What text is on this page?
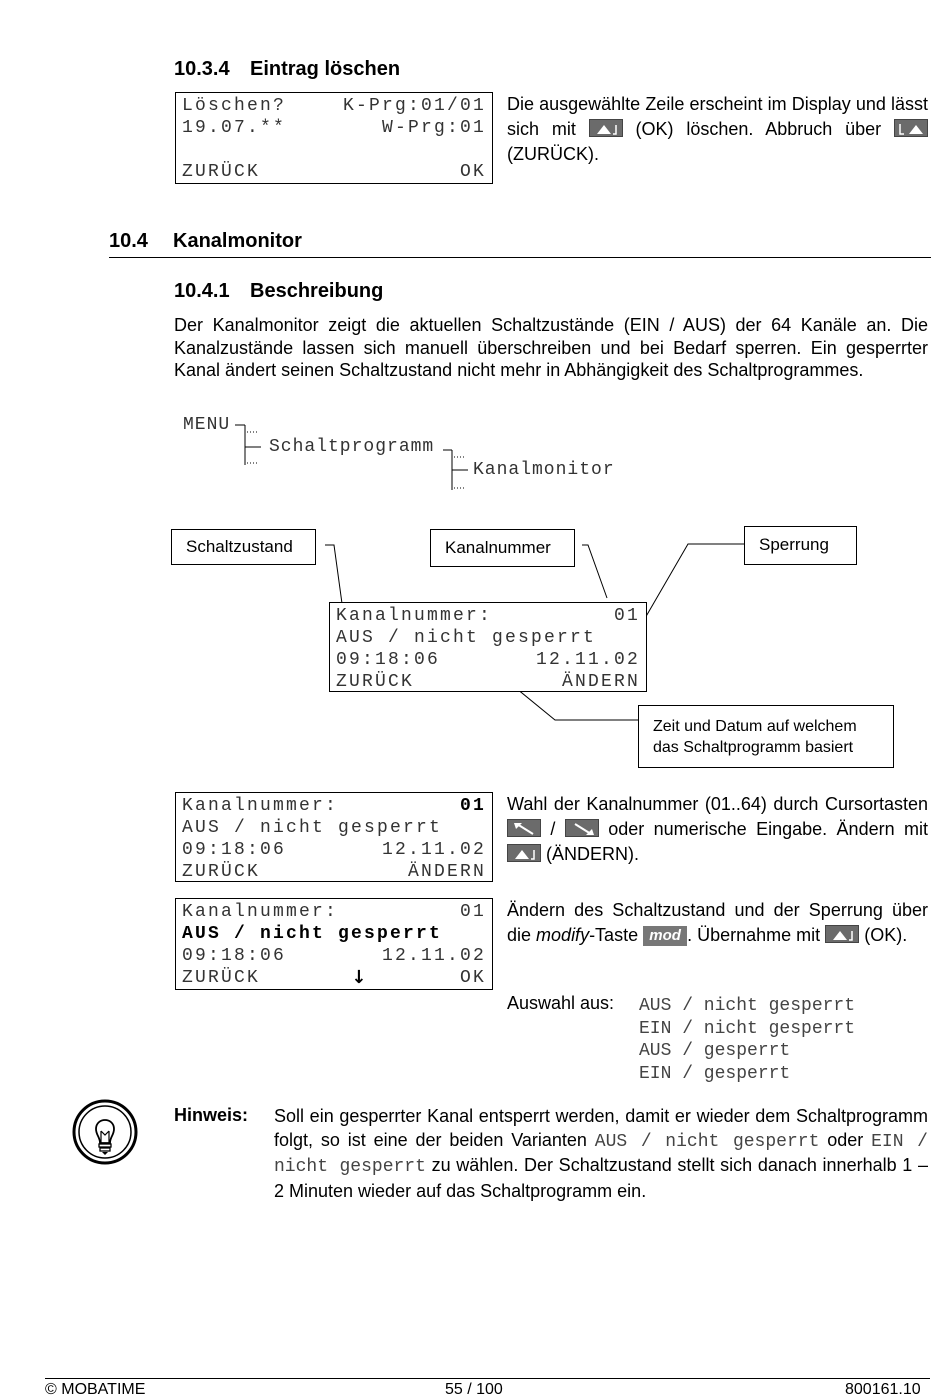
10.3.4 Eintrag löschen
Löschen?	K-Prg:01/01
19.07.**	W-Prg:01
ZURÜCK	OK
Die ausgewählte Zeile erscheint im Display und lässt sich mit	(OK) löschen. Abbruch über
(ZURÜCK).
10.4 Kanalmonitor
10.4.1 Beschreibung
Der Kanalmonitor zeigt die aktuellen Schaltzustände (EIN / AUS) der 64 Kanäle an. Die Kanalzustände lassen sich manuell überschreiben und bei Bedarf sperren. Ein gesperrter Kanal ändert seinen Schaltzustand nicht mehr in Abhängigkeit des Schaltprogrammes.
MENU
Schaltprogramm
Kanalmonitor
Schaltzustand	Kanalnummer	Sperrung
Zeit und Datum auf welchem
das Schaltprogramm basiert
Kanalnummer:	01
AUS / nicht gesperrt
09:18:06	12.11.02
ZURÜCK	ÄNDERN
Kanalnummer:	01
AUS / nicht gesperrt
09:18:06	12.11.02
ZURÜCK	ÄNDERN
Wahl der Kanalnummer (01..64) durch Cursortasten
/	oder numerische Eingabe. Ändern mit
(ÄNDERN).
Kanalnummer:	01
AUS / nicht gesperrt
09:18:06	12.11.02
ZURÜCK	↓	OK
Ändern des Schaltzustand und der Sperrung über die modify-Taste mod . Übernahme mit (OK).
Auswahl aus: AUS / nicht gesperrt
EIN / nicht gesperrt
AUS / gesperrt
EIN / gesperrt
Hinweis: Soll ein gesperrter Kanal entsperrt werden, damit er wieder dem Schaltprogramm folgt, so ist eine der beiden Varianten AUS / nicht gesperrt oder EIN / nicht gesperrt zu wählen. Der Schaltzustand stellt sich danach innerhalb 1 – 2 Minuten wieder auf das Schaltprogramm ein.
© MOBATIME	55 / 100	800161.10
